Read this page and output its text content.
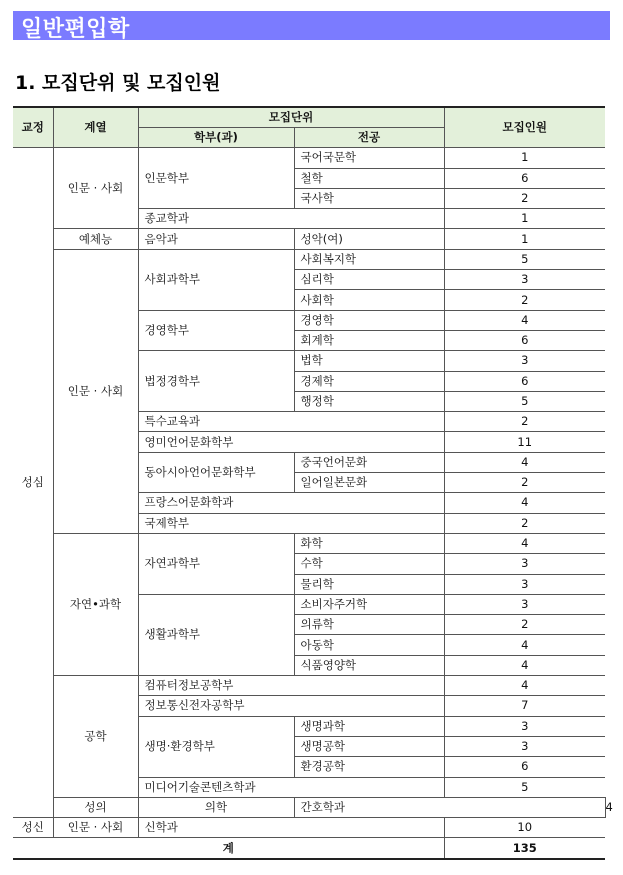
일반편입학
1. 모집단위 및 모집인원
교정	계열	모집단위		모집인원	
		학부(과)	전공		
성심	인문 · 사회	인문학부	국어국문학	1	
			철학	6	
			국사학	2	
		종교학과		1	
	예체능	음악과	성악(여)	1	
	인문 · 사회	사회과학부	사회복지학	5	
			심리학	3	
			사회학	2	
		경영학부	경영학	4	
			회계학	6	
		법정경학부	법학	3	
			경제학	6	
			행정학	5	
		특수교육과		2	
		영미언어문화학부		11	
		동아시아언어문화학부	중국언어문화	4	
			일어일본문화	2	
		프랑스어문화학과		4	
		국제학부		2	
	자연•과학	자연과학부	화학	4	
			수학	3	
			물리학	3	
		생활과학부	소비자주거학	3	
			의류학	2	
			아동학	4	
			식품영양학	4	
	공학	컴퓨터정보공학부		4	
		정보통신전자공학부		7	
		생명·환경학부	생명과학	3	
			생명공학	3	
			환경공학	6	
		미디어기술콘텐츠학과		5	
	성의	의학	간호학과		4
성신	인문 · 사회	신학과		10	
계				135	
